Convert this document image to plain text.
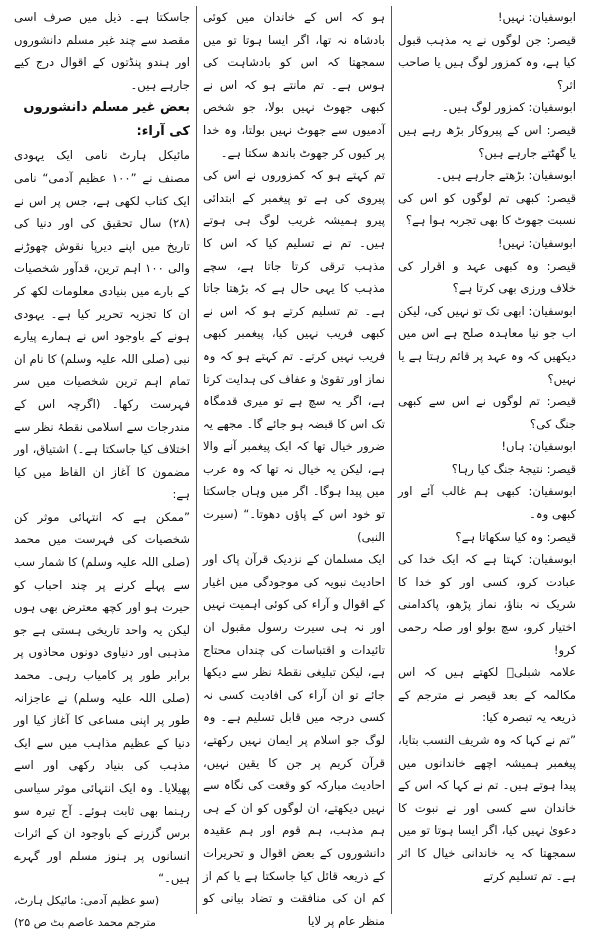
ابوسفیان: نہیں!

قیصر: جن لوگوں نے یہ مذہب قبول کیا ہے، وہ کمزور لوگ ہیں یا صاحب اثر؟

ابوسفیان: کمزور لوگ ہیں۔

قیصر: اس کے پیروکار بڑھ رہے ہیں یا گھٹتے جارہے ہیں؟

ابوسفیان: بڑھتے جارہے ہیں۔

قیصر: کبھی تم لوگوں کو اس کی نسبت جھوٹ کا بھی تجربہ ہوا ہے؟

ابوسفیان: نہیں!

قیصر: وہ کبھی عہد و اقرار کی خلاف ورزی بھی کرتا ہے؟

ابوسفیان: ابھی تک تو نہیں کی، لیکن اب جو نیا معاہدہ صلح ہے اس میں دیکھیں کہ وہ عہد پر قائم رہتا ہے یا نہیں؟

قیصر: تم لوگوں نے اس سے کبھی جنگ کی؟

ابوسفیان: ہاں!

قیصر: نتیجۂ جنگ کیا رہا؟

ابوسفیان: کبھی ہم غالب آئے اور کبھی وہ۔

قیصر: وہ کیا سکھاتا ہے؟

ابوسفیان: کہتا ہے کہ ایک خدا کی عبادت کرو، کسی اور کو خدا کا شریک نہ بناؤ، نماز پڑھو، پاکدامنی اختیار کرو، سچ بولو اور صلہ رحمی کرو!

علامہ شبلیؒ لکھتے ہیں کہ اس مکالمہ کے بعد قیصر نے مترجم کے ذریعہ یہ تبصرہ کیا:

”تم نے کہا کہ وہ شریف النسب بتایا، پیغمبر ہمیشہ اچھے خاندانوں میں پیدا ہوتے ہیں۔ تم نے کہا کہ اس کے خاندان سے کسی اور نے نبوت کا دعویٰ نہیں کیا، اگر ایسا ہوتا تو میں سمجھتا کہ یہ خاندانی خیال کا اثر ہے۔ تم تسلیم کرتے

ہو کہ اس کے خاندان میں کوئی بادشاہ نہ تھا، اگر ایسا ہوتا تو میں سمجھتا کہ اس کو بادشاہت کی ہوس ہے۔ تم مانتے ہو کہ اس نے کبھی جھوٹ نہیں بولا، جو شخص آدمیوں سے جھوٹ نہیں بولتا، وہ خدا پر کیوں کر جھوٹ باندھ سکتا ہے۔

تم کہتے ہو کہ کمزوروں نے اس کی پیروی کی ہے تو پیغمبر کے ابتدائی پیرو ہمیشہ غریب لوگ ہی ہوتے ہیں۔ تم نے تسلیم کیا کہ اس کا مذہب ترقی کرتا جاتا ہے، سچے مذہب کا یہی حال ہے کہ بڑھتا جاتا ہے۔ تم تسلیم کرتے ہو کہ اس نے کبھی فریب نہیں کیا، پیغمبر کبھی فریب نہیں کرتے۔ تم کہتے ہو کہ وہ نماز اور تقویٰ و عفاف کی ہدایت کرتا ہے، اگر یہ سچ ہے تو میری قدمگاہ تک اس کا قبضہ ہو جائے گا۔ مجھے یہ ضرور خیال تھا کہ ایک پیغمبر آنے والا ہے، لیکن یہ خیال نہ تھا کہ وہ عرب میں پیدا ہوگا۔ اگر میں وہاں جاسکتا تو خود اس کے پاؤں دھوتا۔“ (سیرت النبی)

ایک مسلمان کے نزدیک قرآن پاک اور احادیث نبویہ کی موجودگی میں اغیار کے اقوال و آراء کی کوئی اہمیت نہیں اور نہ ہی سیرت رسول مقبول ان تائیدات و اقتباسات کی چنداں محتاج ہے، لیکن تبلیغی نقطۂ نظر سے دیکھا جائے تو ان آراء کی افادیت کسی نہ کسی درجہ میں قابل تسلیم ہے۔ وہ لوگ جو اسلام پر ایمان نہیں رکھتے، قرآن کریم پر جن کا یقین نہیں، احادیث مبارکہ کو وقعت کی نگاہ سے نہیں دیکھتے، ان لوگوں کو ان کے ہی ہم مذہب، ہم قوم اور ہم عقیدہ دانشوروں کے بعض اقوال و تحریرات کے ذریعہ قائل کیا جاسکتا ہے یا کم از کم ان کی منافقت و تضاد بیانی کو منظر عام پر لایا

جاسکتا ہے۔ ذیل میں صرف اسی مقصد سے چند غیر مسلم دانشوروں اور ہندو پنڈتوں کے اقوال درج کیے جارہے ہیں۔

بعض غیر مسلم دانشوروں کی آراء:

مائیکل ہارٹ نامی ایک یہودی مصنف نے ”۱۰۰ عظیم آدمی“ نامی ایک کتاب لکھی ہے، جس پر اس نے (۲۸) سال تحقیق کی اور دنیا کی تاریخ میں اپنے دیرپا نقوش چھوڑنے والی ۱۰۰ اہم ترین، قدآور شخصیات کے بارے میں بنیادی معلومات لکھ کر ان کا تجزیہ تحریر کیا ہے۔ یہودی ہونے کے باوجود اس نے ہمارے پیارے نبی (صلی اللہ علیہ وسلم) کا نام ان تمام اہم ترین شخصیات میں سر فہرست رکھا۔ (اگرچہ اس کے مندرجات سے اسلامی نقطۂ نظر سے اختلاف کیا جاسکتا ہے۔) اشتیاق، اور مضمون کا آغاز ان الفاظ میں کیا ہے:

”ممکن ہے کہ انتہائی موثر کن شخصیات کی فہرست میں محمد (صلی اللہ علیہ وسلم) کا شمار سب سے پہلے کرنے پر چند احباب کو حیرت ہو اور کچھ معترض بھی ہوں لیکن یہ واحد تاریخی ہستی ہے جو مذہبی اور دنیاوی دونوں محاذوں پر برابر طور پر کامیاب رہی۔ محمد (صلی اللہ علیہ وسلم) نے عاجزانہ طور پر اپنی مساعی کا آغاز کیا اور دنیا کے عظیم مذاہب میں سے ایک مذہب کی بنیاد رکھی اور اسے پھیلایا۔ وہ ایک انتہائی موثر سیاسی رہنما بھی ثابت ہوئے۔ آج تیرہ سو برس گزرنے کے باوجود ان کے اثرات انسانوں پر ہنوز مسلم اور گہرے ہیں۔“

(سو عظیم آدمی: مائیکل ہارٹ،

مترجم محمد عاصم بٹ ص ۲۵)
